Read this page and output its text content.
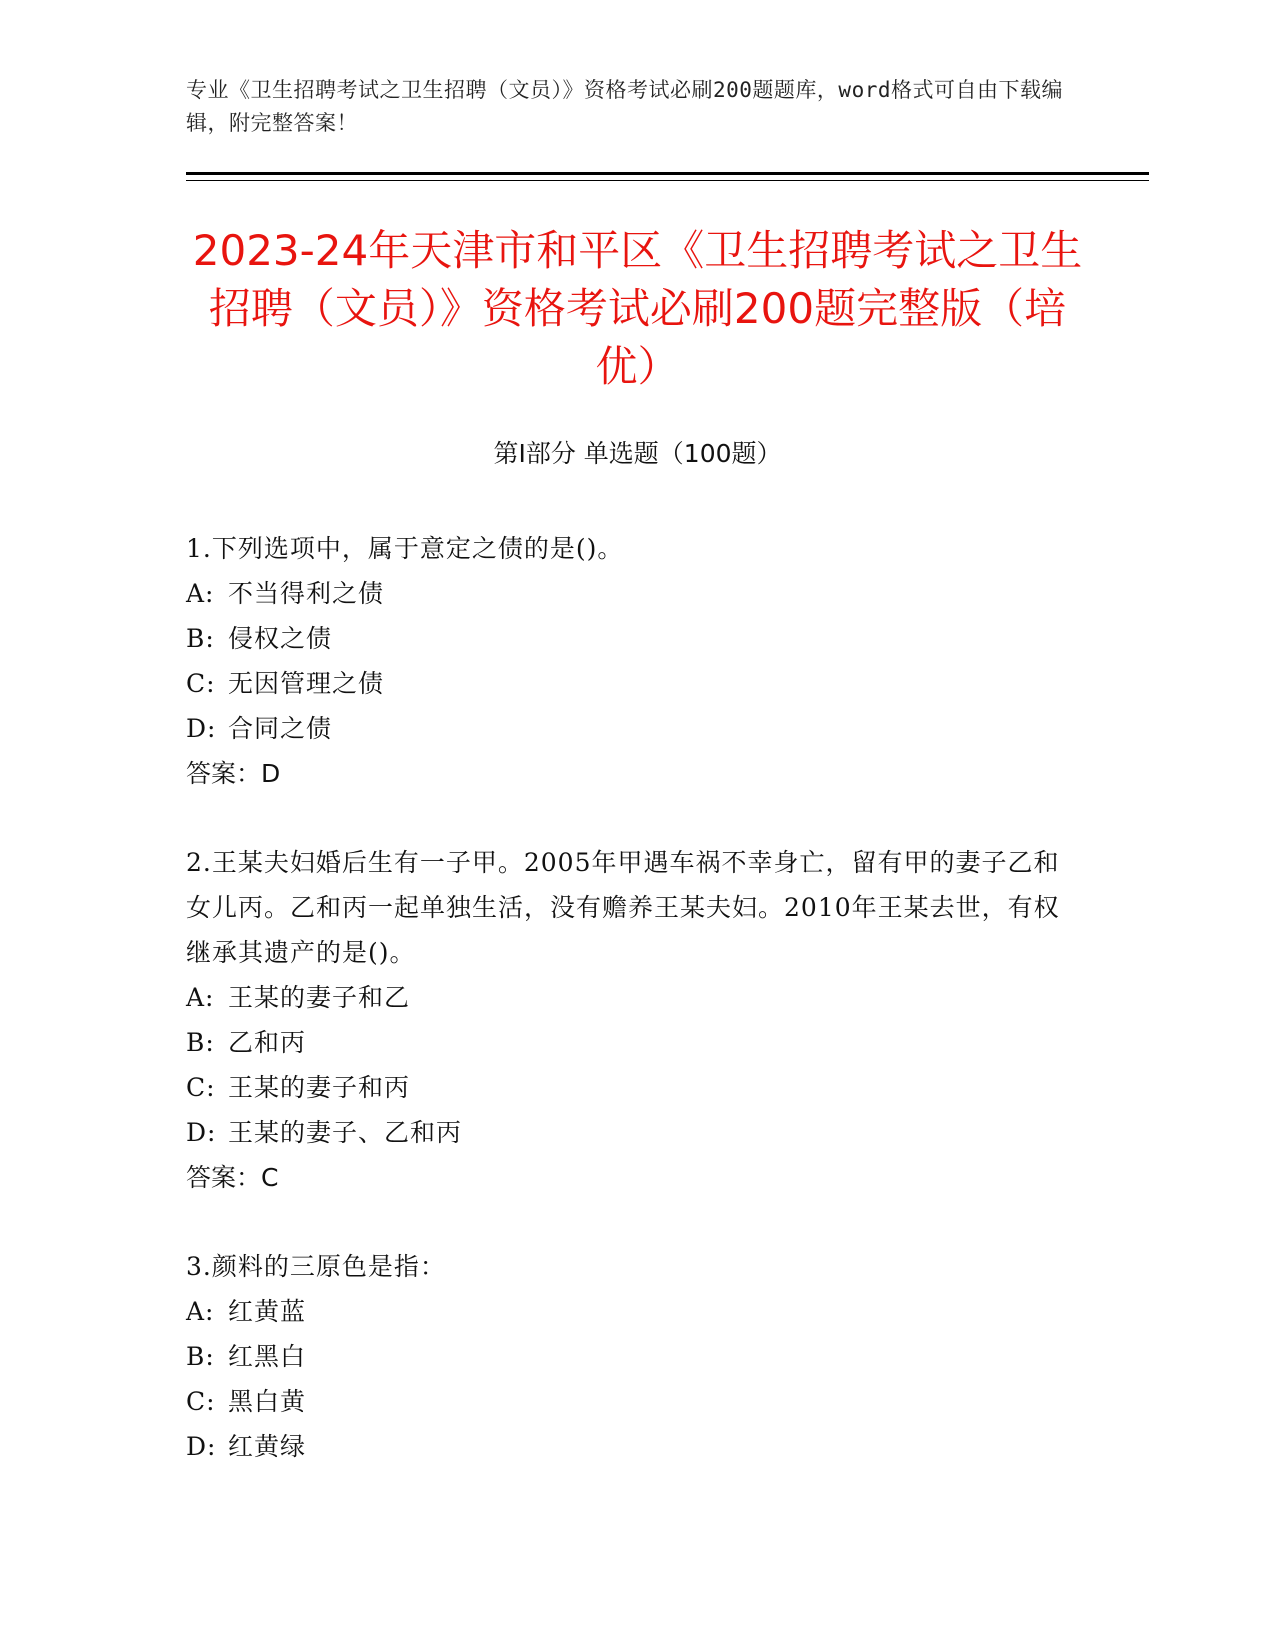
专业《卫生招聘考试之卫生招聘（文员）》资格考试必刷200题题库，word格式可自由下载编辑，附完整答案！
2023-24年天津市和平区《卫生招聘考试之卫生招聘（文员）》资格考试必刷200题完整版（培优）
第Ⅰ部分 单选题（100题）

1.下列选项中，属于意定之债的是()。

A: 不当得利之债
B: 侵权之债
C: 无因管理之债
D: 合同之债
答案：D

2.王某夫妇婚后生有一子甲。2005年甲遇车祸不幸身亡，留有甲的妻子乙和女儿丙。乙和丙一起单独生活，没有赡养王某夫妇。2010年王某去世，有权继承其遗产的是()。

A: 王某的妻子和乙
B: 乙和丙
C: 王某的妻子和丙
D: 王某的妻子、乙和丙
答案：C

3.颜料的三原色是指：

A: 红黄蓝
B: 红黑白
C: 黑白黄
D: 红黄绿
